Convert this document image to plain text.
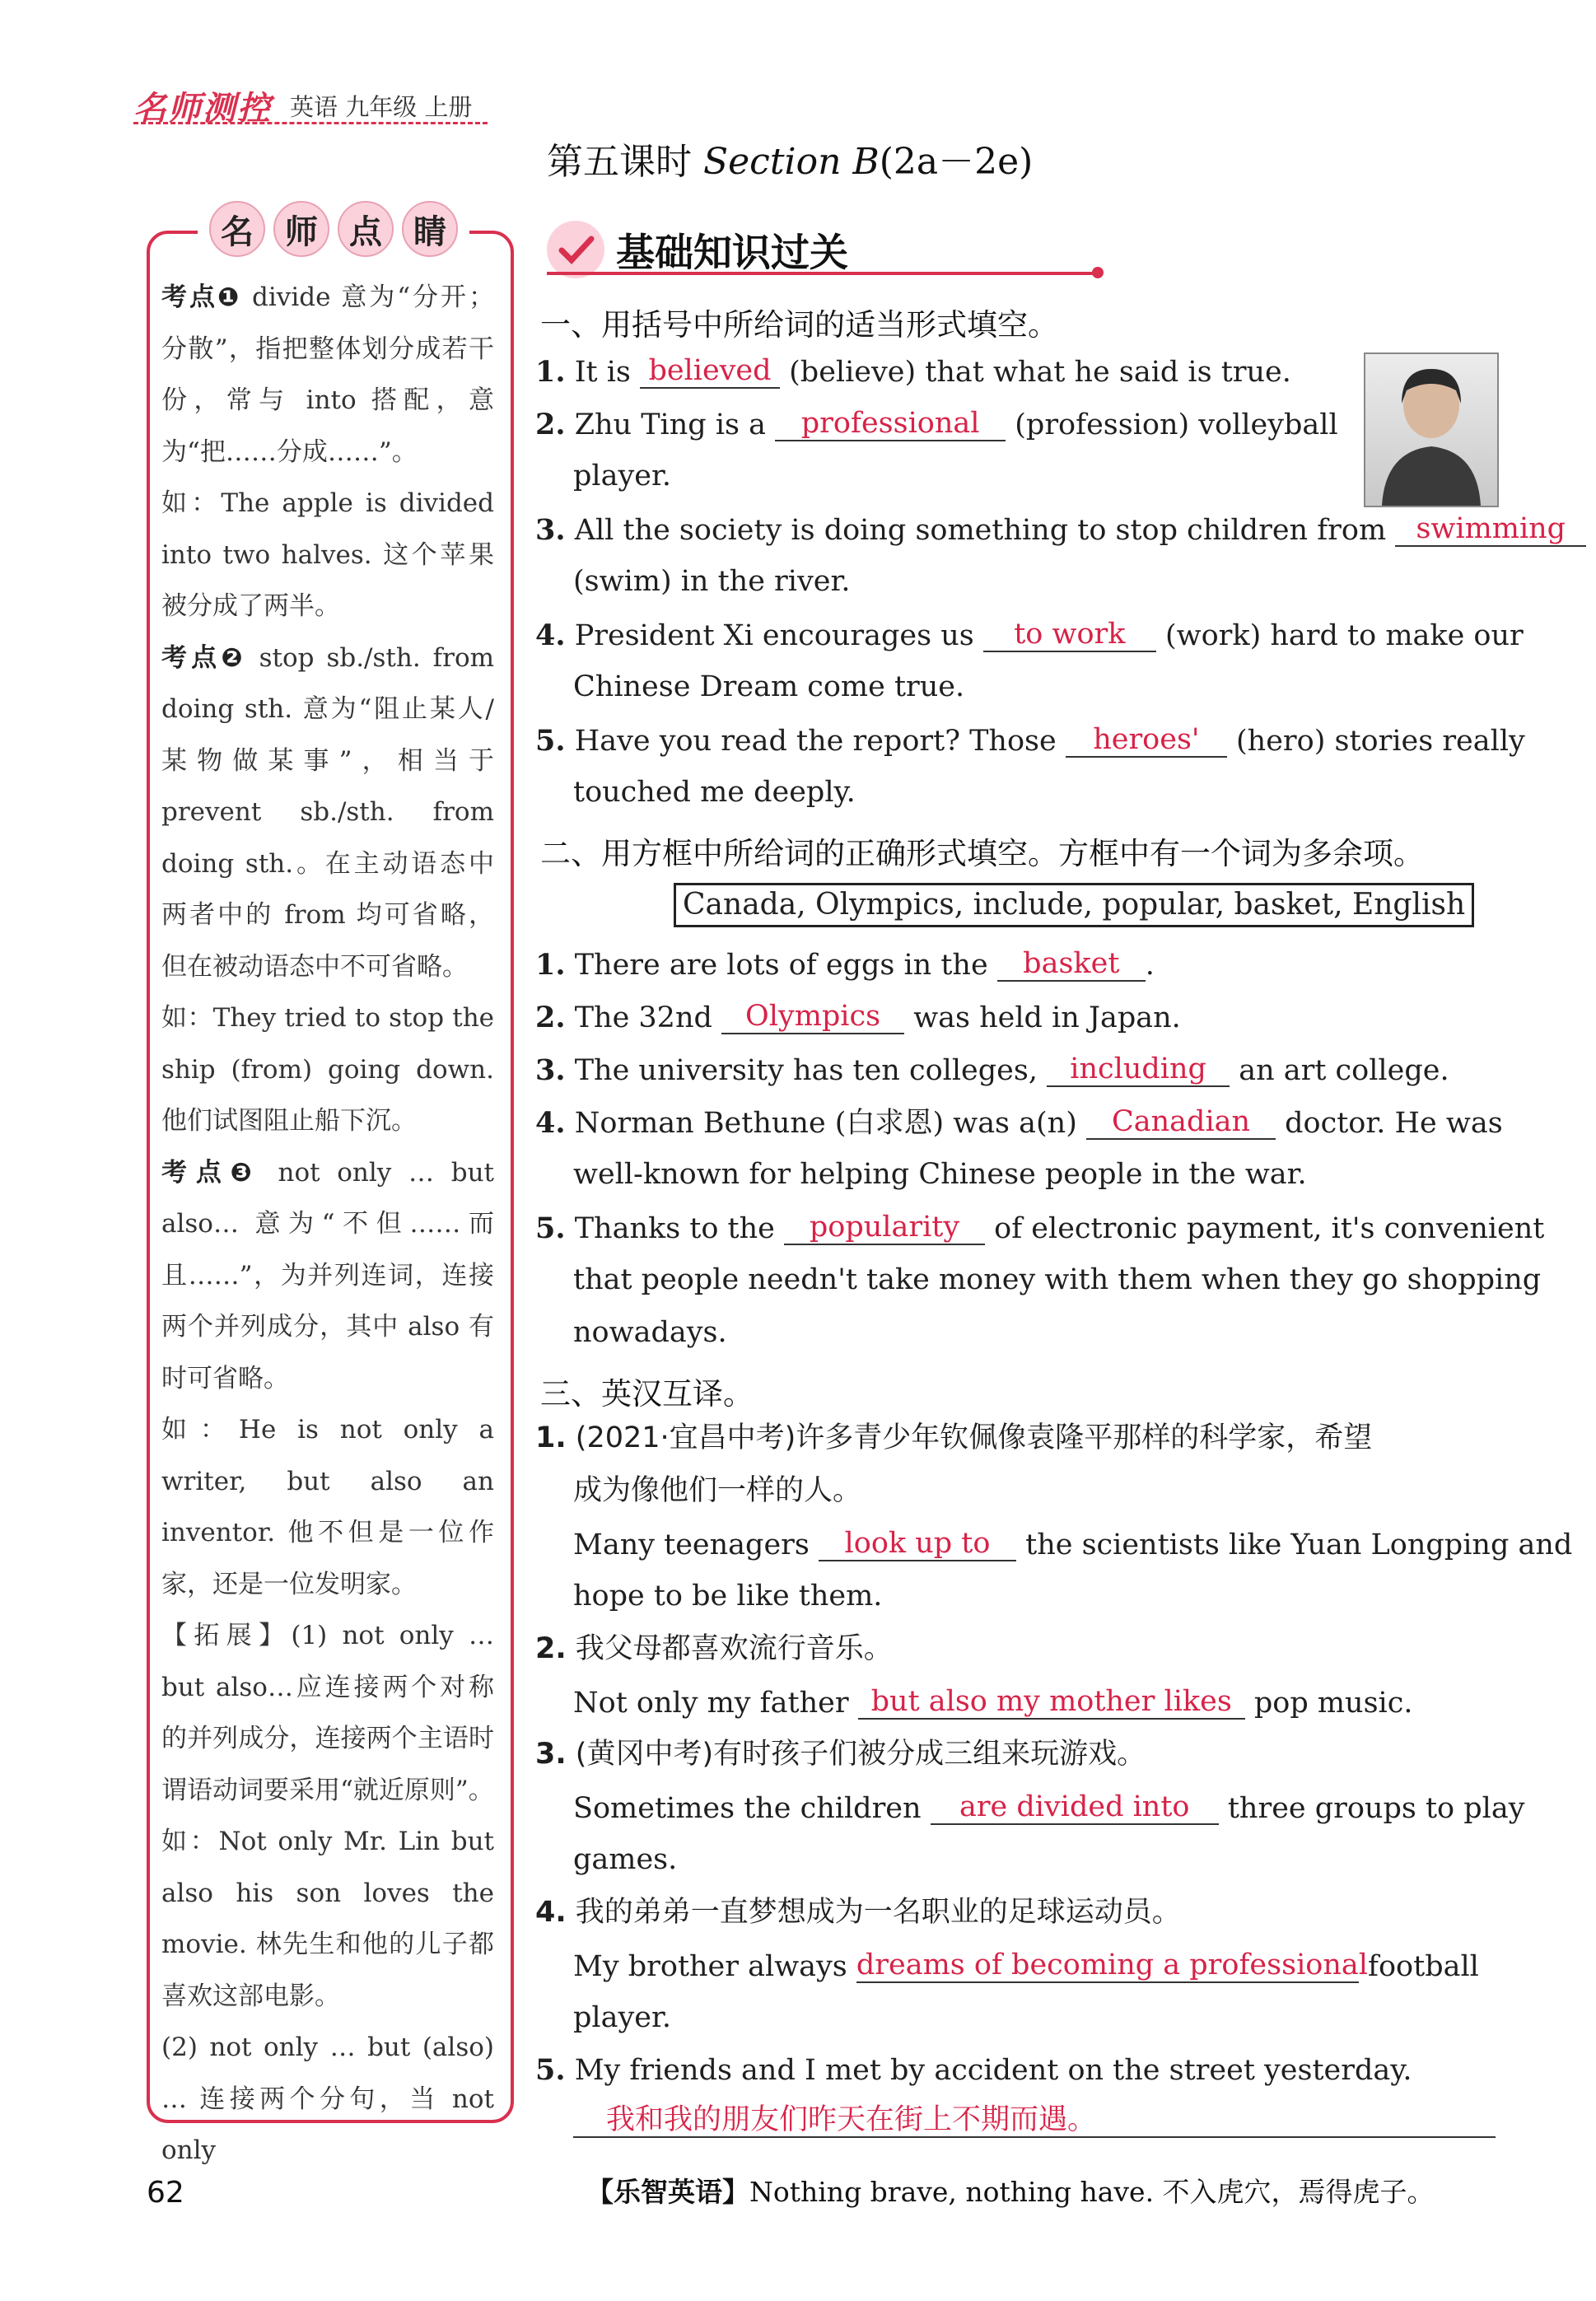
名师测控 英语 九年级 上册
第五课时 Section B(2a－2e)
名 师 点 睛

考点❶ divide 意为“分开；分散”，指把整体划分成若干份，常与 into 搭配，意为“把……分成……”。

如：The apple is divided into two halves. 这个苹果被分成了两半。

考点❷ stop sb./sth. from doing sth. 意为“阻止某人/某物做某事”，相当于 prevent sb./sth. from doing sth.。在主动语态中两者中的 from 均可省略，但在被动语态中不可省略。

如：They tried to stop the ship (from) going down. 他们试图阻止船下沉。

考点❸ not only … but also… 意为“不但……而且……”，为并列连词，连接两个并列成分，其中 also 有时可省略。

如：He is not only a writer, but also an inventor. 他不但是一位作家，还是一位发明家。

【拓展】(1) not only … but also…应连接两个对称的并列成分，连接两个主语时谓语动词要采用“就近原则”。

如：Not only Mr. Lin but also his son loves the movie. 林先生和他的儿子都喜欢这部电影。

(2) not only … but (also) … 连接两个分句，当 not only

基础知识过关
一、用括号中所给词的适当形式填空。
1. It is believed (believe) that what he said is true.
2. Zhu Ting is a professional (profession) volleyball
player.
3. All the society is doing something to stop children from swimming
(swim) in the river.
4. President Xi encourages us to work (work) hard to make our
Chinese Dream come true.
5. Have you read the report? Those heroes' (hero) stories really
touched me deeply.
二、用方框中所给词的正确形式填空。方框中有一个词为多余项。
Canada, Olympics, include, popular, basket, English
1. There are lots of eggs in the basket .
2. The 32nd Olympics was held in Japan.
3. The university has ten colleges, including an art college.
4. Norman Bethune (白求恩) was a(n) Canadian doctor. He was
well-known for helping Chinese people in the war.
5. Thanks to the popularity of electronic payment, it's convenient
that people needn't take money with them when they go shopping
nowadays.
三、英汉互译。
1. (2021·宜昌中考)许多青少年钦佩像袁隆平那样的科学家，希望
成为像他们一样的人。
Many teenagers look up to the scientists like Yuan Longping and
hope to be like them.
2. 我父母都喜欢流行音乐。
Not only my father but also my mother likes pop music.
3. (黄冈中考)有时孩子们被分成三组来玩游戏。
Sometimes the children are divided into three groups to play
games.
4. 我的弟弟一直梦想成为一名职业的足球运动员。
My brother always dreams of becoming a professional football
player.
5. My friends and I met by accident on the street yesterday.
我和我的朋友们昨天在街上不期而遇。
62	【乐智英语】Nothing brave, nothing have. 不入虎穴，焉得虎子。
